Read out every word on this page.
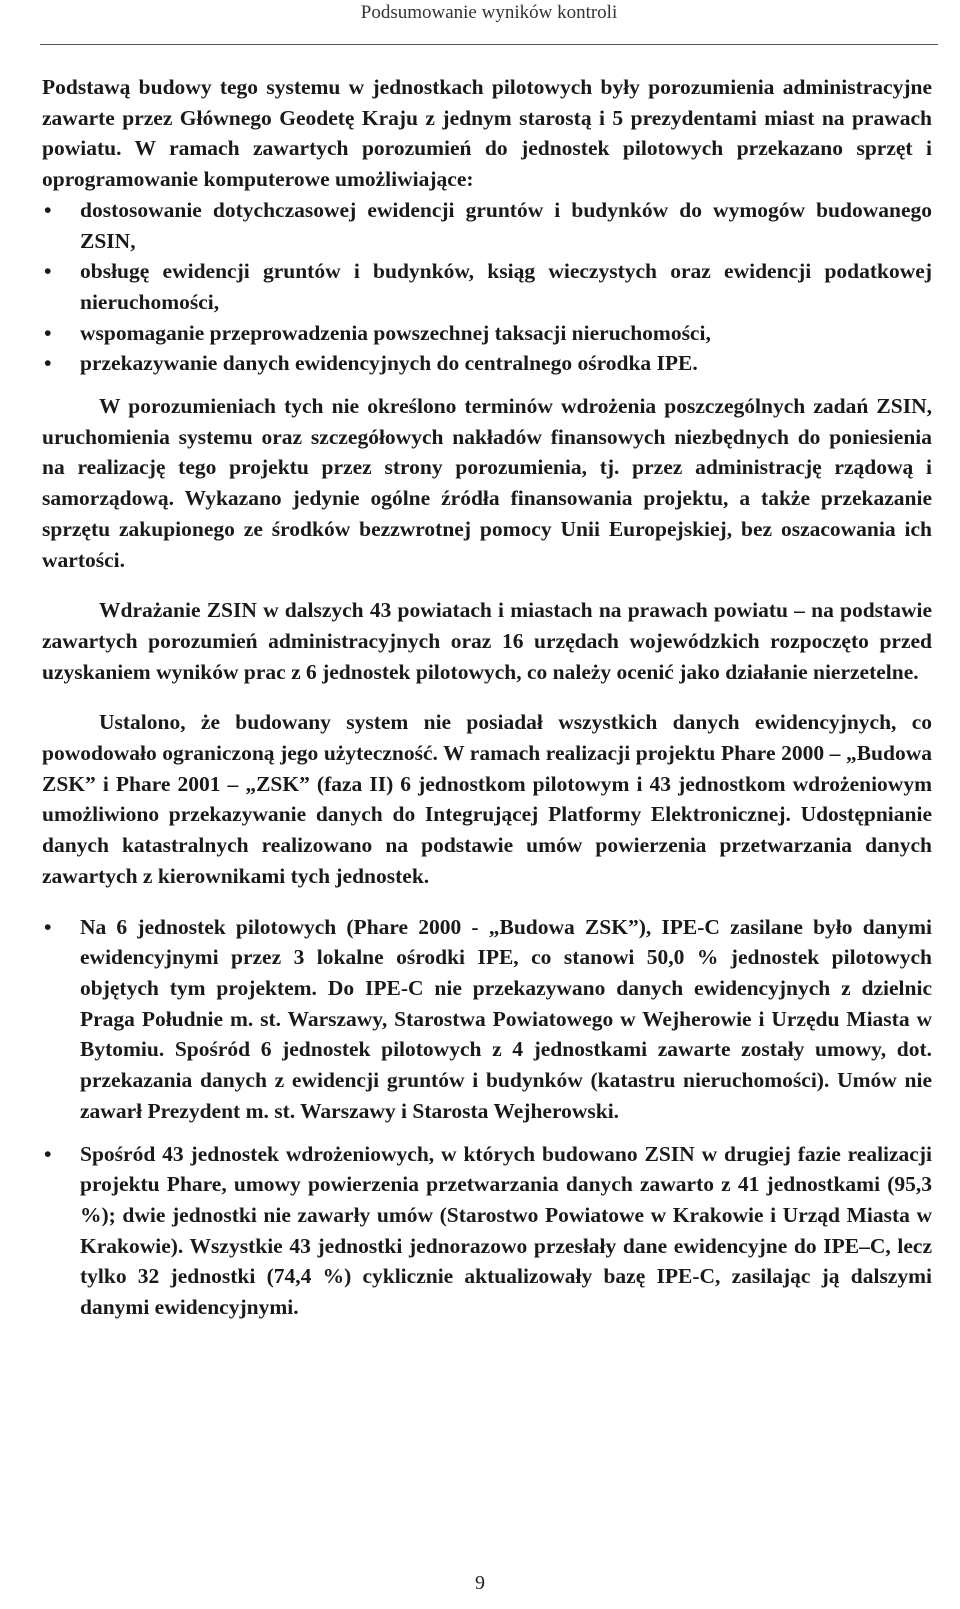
Podsumowanie wyników kontroli

Podstawą budowy tego systemu w jednostkach pilotowych były porozumienia administracyjne zawarte przez Głównego Geodetę Kraju z jednym starostą i 5 prezydentami miast na prawach powiatu. W ramach zawartych porozumień do jednostek pilotowych przekazano sprzęt i oprogramowanie komputerowe umożliwiające:

• dostosowanie dotychczasowej ewidencji gruntów i budynków do wymogów budowanego ZSIN,
• obsługę ewidencji gruntów i budynków, ksiąg wieczystych oraz ewidencji podatkowej nieruchomości,
• wspomaganie przeprowadzenia powszechnej taksacji nieruchomości,
• przekazywanie danych ewidencyjnych do centralnego ośrodka IPE.

W porozumieniach tych nie określono terminów wdrożenia poszczególnych zadań ZSIN, uruchomienia systemu oraz szczegółowych nakładów finansowych niezbędnych do poniesienia na realizację tego projektu przez strony porozumienia, tj. przez administrację rządową i samorządową. Wykazano jedynie ogólne źródła finansowania projektu, a także przekazanie sprzętu zakupionego ze środków bezzwrotnej pomocy Unii Europejskiej, bez oszacowania ich wartości.

Wdrażanie ZSIN w dalszych 43 powiatach i miastach na prawach powiatu – na podstawie zawartych porozumień administracyjnych oraz 16 urzędach wojewódzkich rozpoczęto przed uzyskaniem wyników prac z 6 jednostek pilotowych, co należy ocenić jako działanie nierzetelne.

Ustalono, że budowany system nie posiadał wszystkich danych ewidencyjnych, co powodowało ograniczoną jego użyteczność. W ramach realizacji projektu Phare 2000 – „Budowa ZSK” i Phare 2001 – „ZSK” (faza II) 6 jednostkom pilotowym i 43 jednostkom wdrożeniowym umożliwiono przekazywanie danych do Integrującej Platformy Elektronicznej. Udostępnianie danych katastralnych realizowano na podstawie umów powierzenia przetwarzania danych zawartych z kierownikami tych jednostek.

• Na 6 jednostek pilotowych (Phare 2000 - „Budowa ZSK”), IPE-C zasilane było danymi ewidencyjnymi przez 3 lokalne ośrodki IPE, co stanowi 50,0 % jednostek pilotowych objętych tym projektem. Do IPE-C nie przekazywano danych ewidencyjnych z dzielnic Praga Południe m. st. Warszawy, Starostwa Powiatowego w Wejherowie i Urzędu Miasta w Bytomiu. Spośród 6 jednostek pilotowych z 4 jednostkami zawarte zostały umowy, dot. przekazania danych z ewidencji gruntów i budynków (katastru nieruchomości). Umów nie zawarł Prezydent m. st. Warszawy i Starosta Wejherowski.
• Spośród 43 jednostek wdrożeniowych, w których budowano ZSIN w drugiej fazie realizacji projektu Phare, umowy powierzenia przetwarzania danych zawarto z 41 jednostkami (95,3 %); dwie jednostki nie zawarły umów (Starostwo Powiatowe w Krakowie i Urząd Miasta w Krakowie). Wszystkie 43 jednostki jednorazowo przesłały dane ewidencyjne do IPE–C, lecz tylko 32 jednostki (74,4 %) cyklicznie aktualizowały bazę IPE-C, zasilając ją dalszymi danymi ewidencyjnymi.
9
